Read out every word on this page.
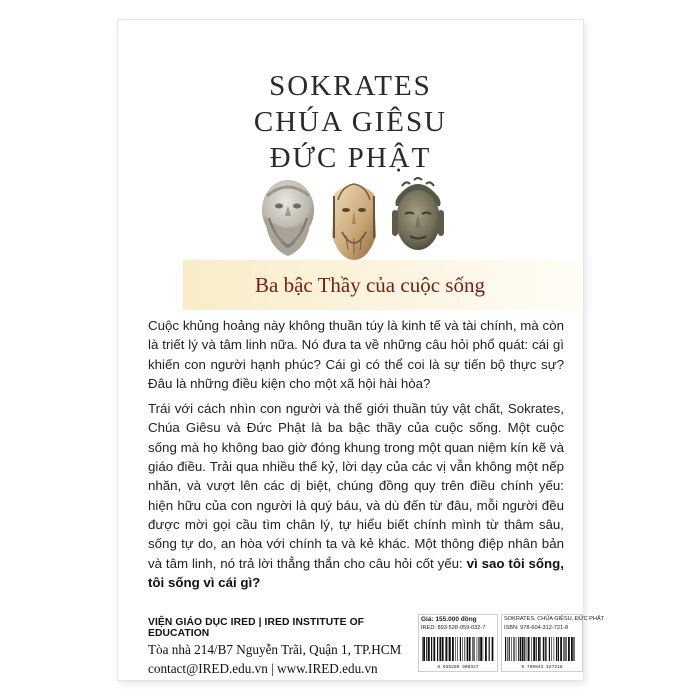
SOKRATES
CHÚA GIÊSU
ĐỨC PHẬT
Ba bậc Thầy của cuộc sống

Cuộc khủng hoảng này không thuần túy là kinh tế và tài chính, mà còn là triết lý và tâm linh nữa. Nó đưa ta về những câu hỏi phổ quát: cái gì khiến con người hạnh phúc? Cái gì có thể coi là sự tiến bộ thực sự? Đâu là những điều kiện cho một xã hội hài hòa?

Trái với cách nhìn con người và thế giới thuần túy vật chất, Sokrates, Chúa Giêsu và Đức Phật là ba bậc thầy của cuộc sống. Một cuộc sống mà họ không bao giờ đóng khung trong một quan niệm kín kẽ và giáo điều. Trải qua nhiều thế kỷ, lời dạy của các vị vẫn không một nếp nhăn, và vượt lên các dị biệt, chúng đồng quy trên điều chính yếu: hiện hữu của con người là quý báu, và dù đến từ đâu, mỗi người đều được mời gọi cầu tìm chân lý, tự hiểu biết chính mình từ thâm sâu, sống tự do, an hòa với chính ta và kẻ khác. Một thông điệp nhân bản và tâm linh, nó trả lời thẳng thắn cho câu hỏi cốt yếu: vì sao tôi sống, tôi sống vì cái gì?

VIỆN GIÁO DỤC IRED | IRED INSTITUTE OF EDUCATION
Tòa nhà 214/B7 Nguyễn Trãi, Quận 1, TP.HCM
contact@IRED.edu.vn | www.IRED.edu.vn
Giá: 155.000 đồng
IRED: 893-528-059-032-7
8 935280 900327
SOKRATES, CHÚA GIÊSU, ĐỨC PHẬT
ISBN: 978-604-312-721-8
9 786043 127218
